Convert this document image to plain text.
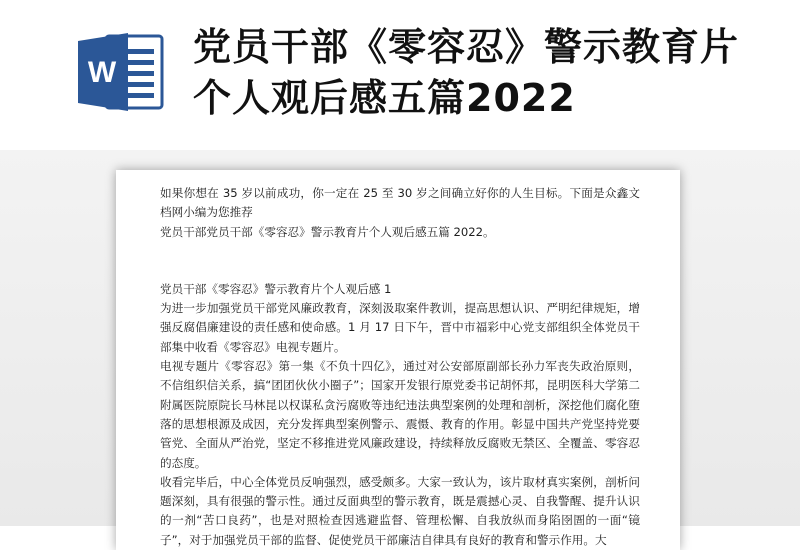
W
党员干部《零容忍》警示教育片
个人观后感五篇2022

如果你想在 35 岁以前成功，你一定在 25 至 30 岁之间确立好你的人生目标。下面是众鑫文档网小编为您推荐

党员干部党员干部《零容忍》警示教育片个人观后感五篇 2022。

党员干部《零容忍》警示教育片个人观后感 1

为进一步加强党员干部党风廉政教育，深刻汲取案件教训，提高思想认识、严明纪律规矩，增强反腐倡廉建设的责任感和使命感。1 月 17 日下午，晋中市福彩中心党支部组织全体党员干部集中收看《零容忍》电视专题片。

电视专题片《零容忍》第一集《不负十四亿》，通过对公安部原副部长孙力军丧失政治原则，不信组织信关系，搞“团团伙伙小圈子”；国家开发银行原党委书记胡怀邦，昆明医科大学第二附属医院原院长马林昆以权谋私贪污腐败等违纪违法典型案例的处理和剖析，深挖他们腐化堕落的思想根源及成因，充分发挥典型案例警示、震慑、教育的作用。彰显中国共产党坚持党要管党、全面从严治党，坚定不移推进党风廉政建设，持续释放反腐败无禁区、全覆盖、零容忍的态度。

收看完毕后，中心全体党员反响强烈，感受颇多。大家一致认为，该片取材真实案例，剖析问题深刻，具有很强的警示性。通过反面典型的警示教育，既是震撼心灵、自我警醒、提升认识的一剂“苦口良药”，也是对照检查因逃避监督、管理松懈、自我放纵而身陷囹圄的一面“镜子”，对于加强党员干部的监督、促使党员干部廉洁自律具有良好的教育和警示作用。大
